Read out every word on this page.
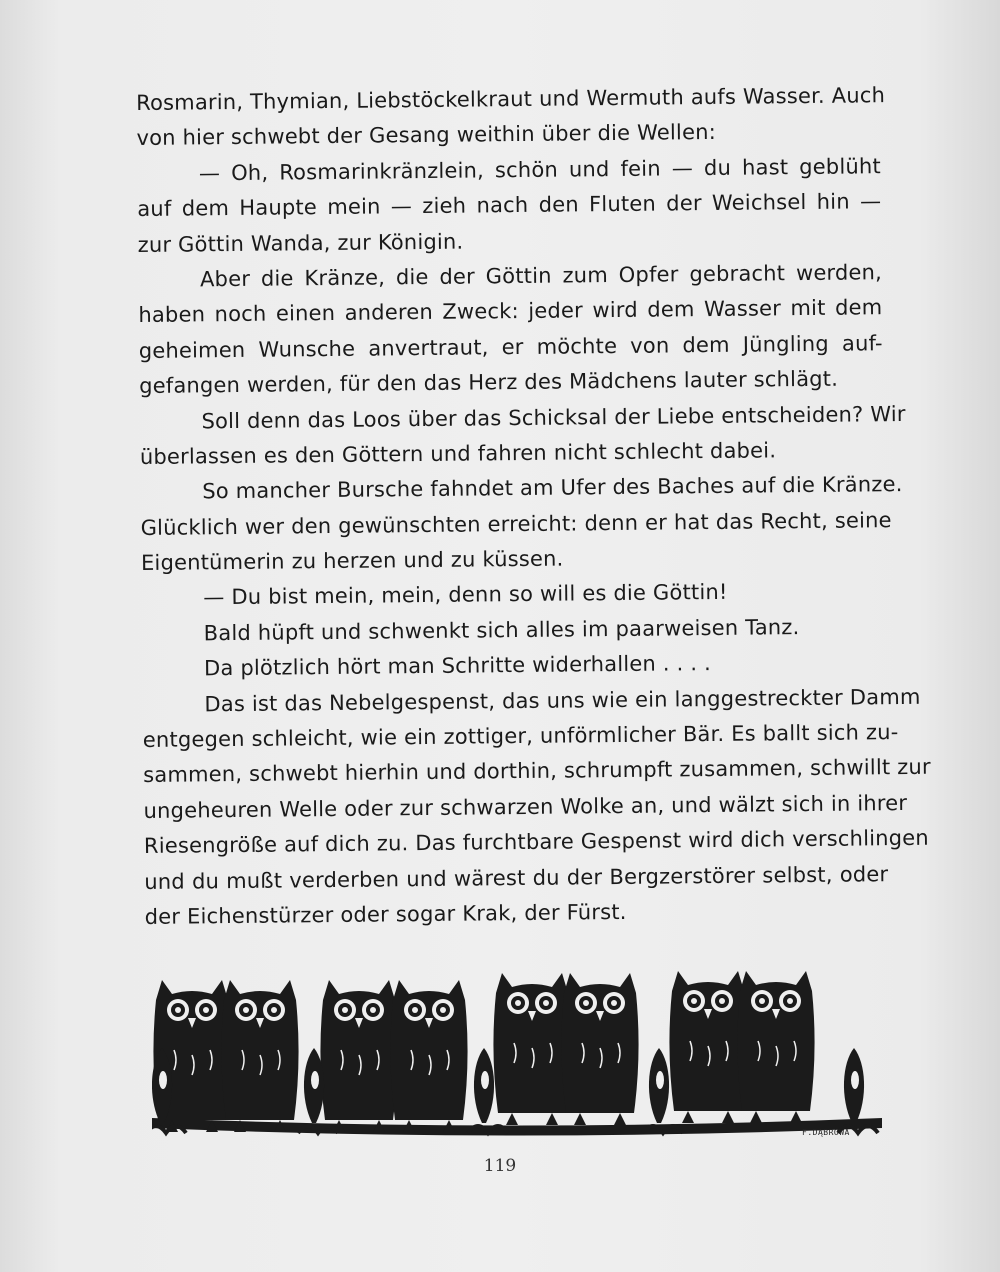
Rosmarin, Thymian, Liebstöckelkraut und Wermuth aufs Wasser. Auch
von hier schwebt der Gesang weithin über die Wellen:
— Oh, Rosmarinkränzlein, schön und fein — du hast geblüht
auf dem Haupte mein — zieh nach den Fluten der Weichsel hin —
zur Göttin Wanda, zur Königin.
Aber die Kränze, die der Göttin zum Opfer gebracht werden,
haben noch einen anderen Zweck: jeder wird dem Wasser mit dem
geheimen Wunsche anvertraut, er möchte von dem Jüngling auf-
gefangen werden, für den das Herz des Mädchens lauter schlägt.
Soll denn das Loos über das Schicksal der Liebe entscheiden? Wir
überlassen es den Göttern und fahren nicht schlecht dabei.
So mancher Bursche fahndet am Ufer des Baches auf die Kränze.
Glücklich wer den gewünschten erreicht: denn er hat das Recht, seine
Eigentümerin zu herzen und zu küssen.
— Du bist mein, mein, denn so will es die Göttin!
Bald hüpft und schwenkt sich alles im paarweisen Tanz.
Da plötzlich hört man Schritte widerhallen . . . .
Das ist das Nebelgespenst, das uns wie ein langgestreckter Damm
entgegen schleicht, wie ein zottiger, unförmlicher Bär. Es ballt sich zu-
sammen, schwebt hierhin und dorthin, schrumpft zusammen, schwillt zur
ungeheuren Welle oder zur schwarzen Wolke an, und wälzt sich in ihrer
Riesengröße auf dich zu. Das furchtbare Gespenst wird dich verschlingen
und du mußt verderben und wärest du der Bergzerstörer selbst, oder
der Eichenstürzer oder sogar Krak, der Fürst.
F.DĄBROWA
119
